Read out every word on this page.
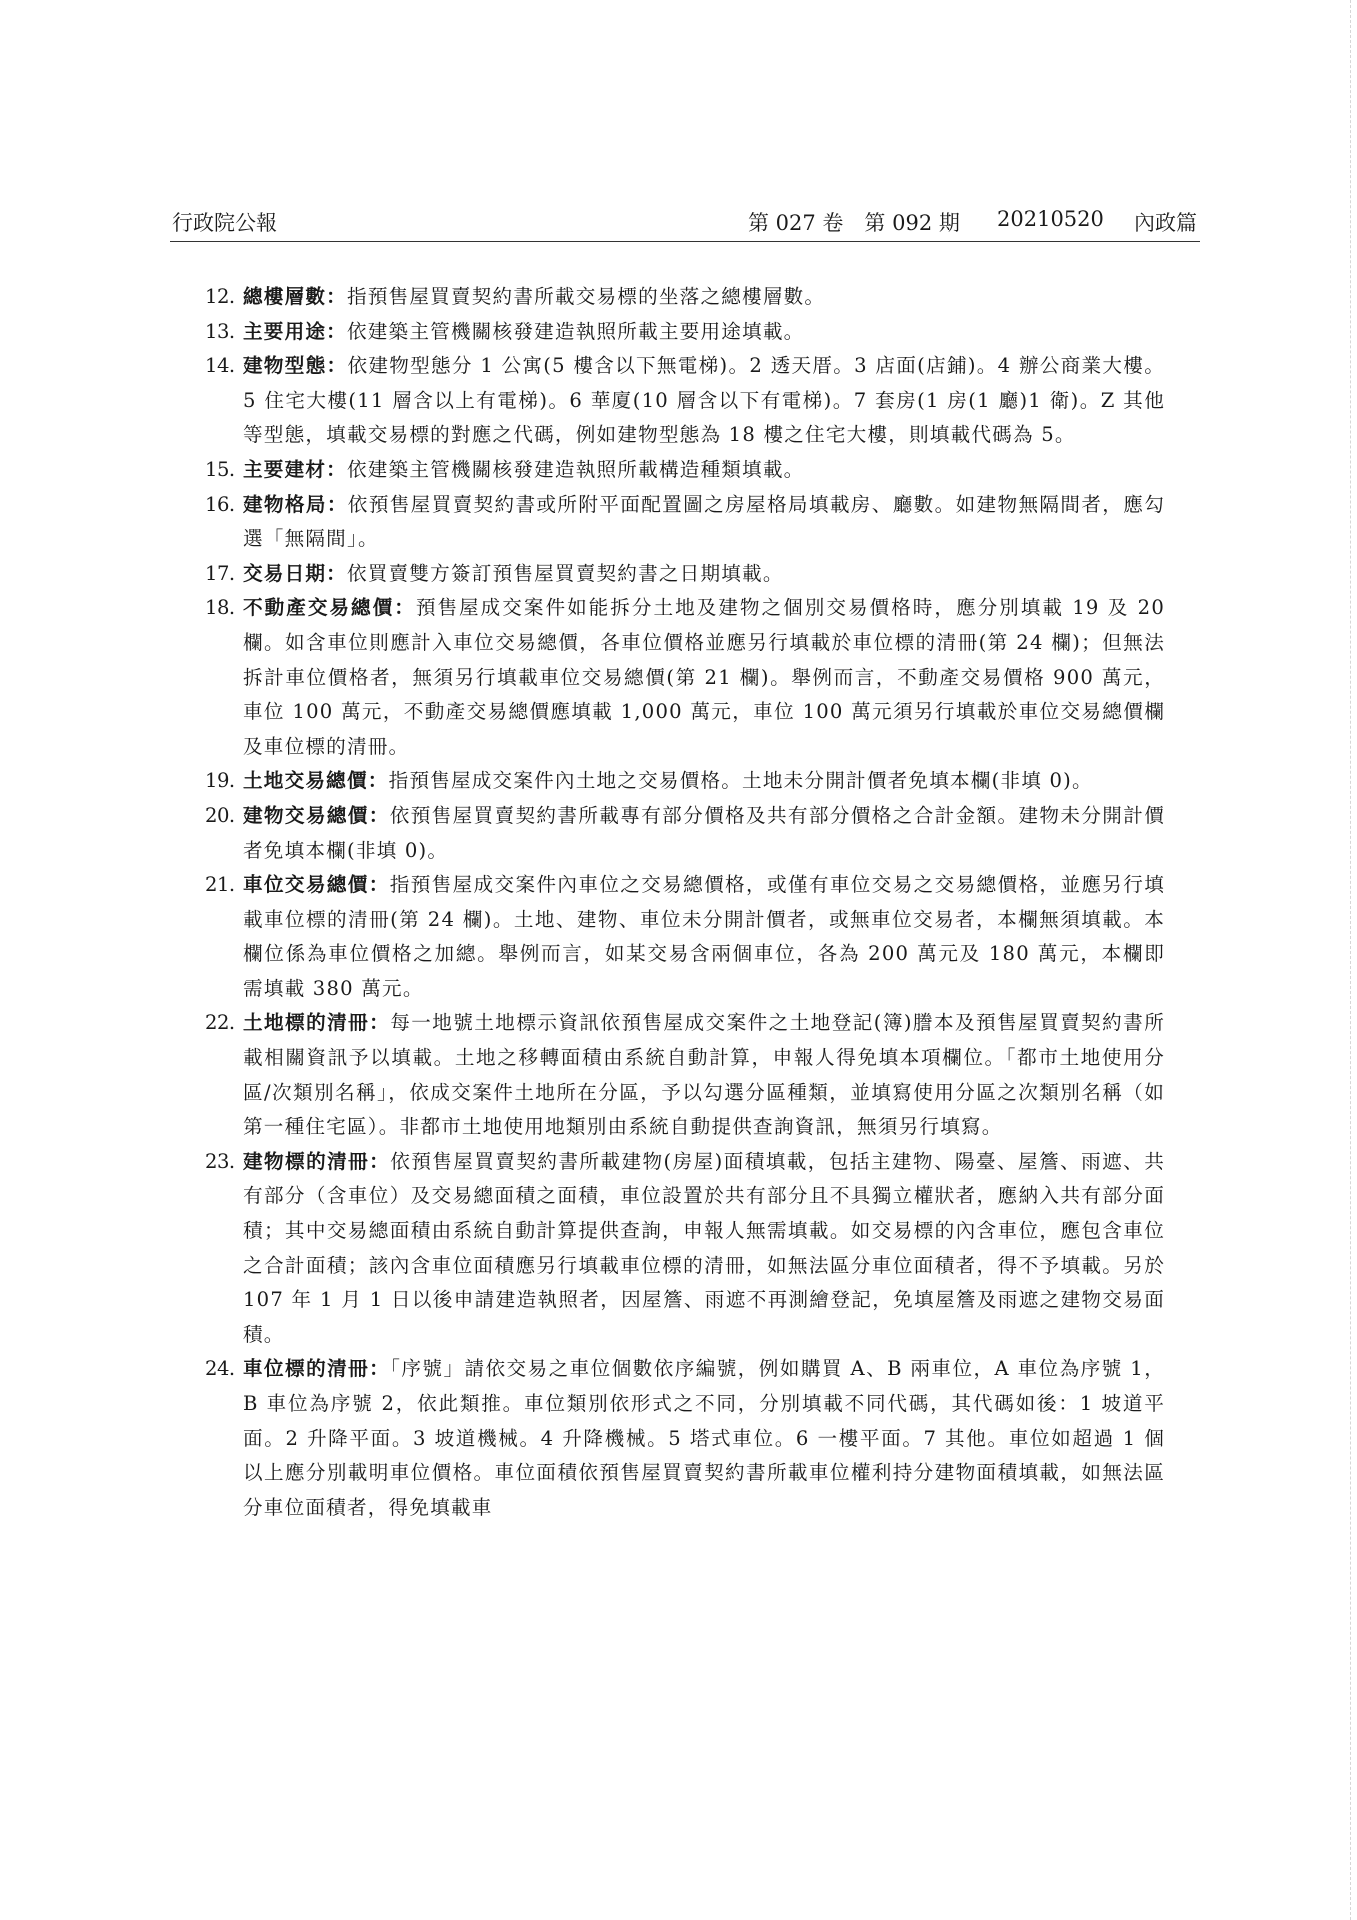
行政院公報	第 027 卷　第 092 期 20210520 內政篇
12. 總樓層數：指預售屋買賣契約書所載交易標的坐落之總樓層數。
13. 主要用途：依建築主管機關核發建造執照所載主要用途填載。
14. 建物型態：依建物型態分 1 公寓(5 樓含以下無電梯)。2 透天厝。3 店面(店鋪)。4 辦公商業大樓。5 住宅大樓(11 層含以上有電梯)。6 華廈(10 層含以下有電梯)。7 套房(1 房(1 廳)1 衛)。Z 其他等型態，填載交易標的對應之代碼，例如建物型態為 18 樓之住宅大樓，則填載代碼為 5。
15. 主要建材：依建築主管機關核發建造執照所載構造種類填載。
16. 建物格局：依預售屋買賣契約書或所附平面配置圖之房屋格局填載房、廳數。如建物無隔間者，應勾選「無隔間」。
17. 交易日期：依買賣雙方簽訂預售屋買賣契約書之日期填載。
18. 不動產交易總價：預售屋成交案件如能拆分土地及建物之個別交易價格時，應分別填載 19 及 20 欄。如含車位則應計入車位交易總價，各車位價格並應另行填載於車位標的清冊(第 24 欄)；但無法拆計車位價格者，無須另行填載車位交易總價(第 21 欄)。舉例而言，不動產交易價格 900 萬元，車位 100 萬元，不動產交易總價應填載 1,000 萬元，車位 100 萬元須另行填載於車位交易總價欄及車位標的清冊。
19. 土地交易總價：指預售屋成交案件內土地之交易價格。土地未分開計價者免填本欄(非填 0)。
20. 建物交易總價：依預售屋買賣契約書所載專有部分價格及共有部分價格之合計金額。建物未分開計價者免填本欄(非填 0)。
21. 車位交易總價：指預售屋成交案件內車位之交易總價格，或僅有車位交易之交易總價格，並應另行填載車位標的清冊(第 24 欄)。土地、建物、車位未分開計價者，或無車位交易者，本欄無須填載。本欄位係為車位價格之加總。舉例而言，如某交易含兩個車位，各為 200 萬元及 180 萬元，本欄即需填載 380 萬元。
22. 土地標的清冊：每一地號土地標示資訊依預售屋成交案件之土地登記(簿)謄本及預售屋買賣契約書所載相關資訊予以填載。土地之移轉面積由系統自動計算，申報人得免填本項欄位。「都市土地使用分區/次類別名稱」，依成交案件土地所在分區，予以勾選分區種類，並填寫使用分區之次類別名稱（如第一種住宅區）。非都市土地使用地類別由系統自動提供查詢資訊，無須另行填寫。
23. 建物標的清冊：依預售屋買賣契約書所載建物(房屋)面積填載，包括主建物、陽臺、屋簷、雨遮、共有部分（含車位）及交易總面積之面積，車位設置於共有部分且不具獨立權狀者，應納入共有部分面積；其中交易總面積由系統自動計算提供查詢，申報人無需填載。如交易標的內含車位，應包含車位之合計面積；該內含車位面積應另行填載車位標的清冊，如無法區分車位面積者，得不予填載。另於 107 年 1 月 1 日以後申請建造執照者，因屋簷、雨遮不再測繪登記，免填屋簷及雨遮之建物交易面積。
24. 車位標的清冊：「序號」請依交易之車位個數依序編號，例如購買 A、B 兩車位，A 車位為序號 1，B 車位為序號 2，依此類推。車位類別依形式之不同，分別填載不同代碼，其代碼如後：1 坡道平面。2 升降平面。3 坡道機械。4 升降機械。5 塔式車位。6 一樓平面。7 其他。車位如超過 1 個以上應分別載明車位價格。車位面積依預售屋買賣契約書所載車位權利持分建物面積填載，如無法區分車位面積者，得免填載車
